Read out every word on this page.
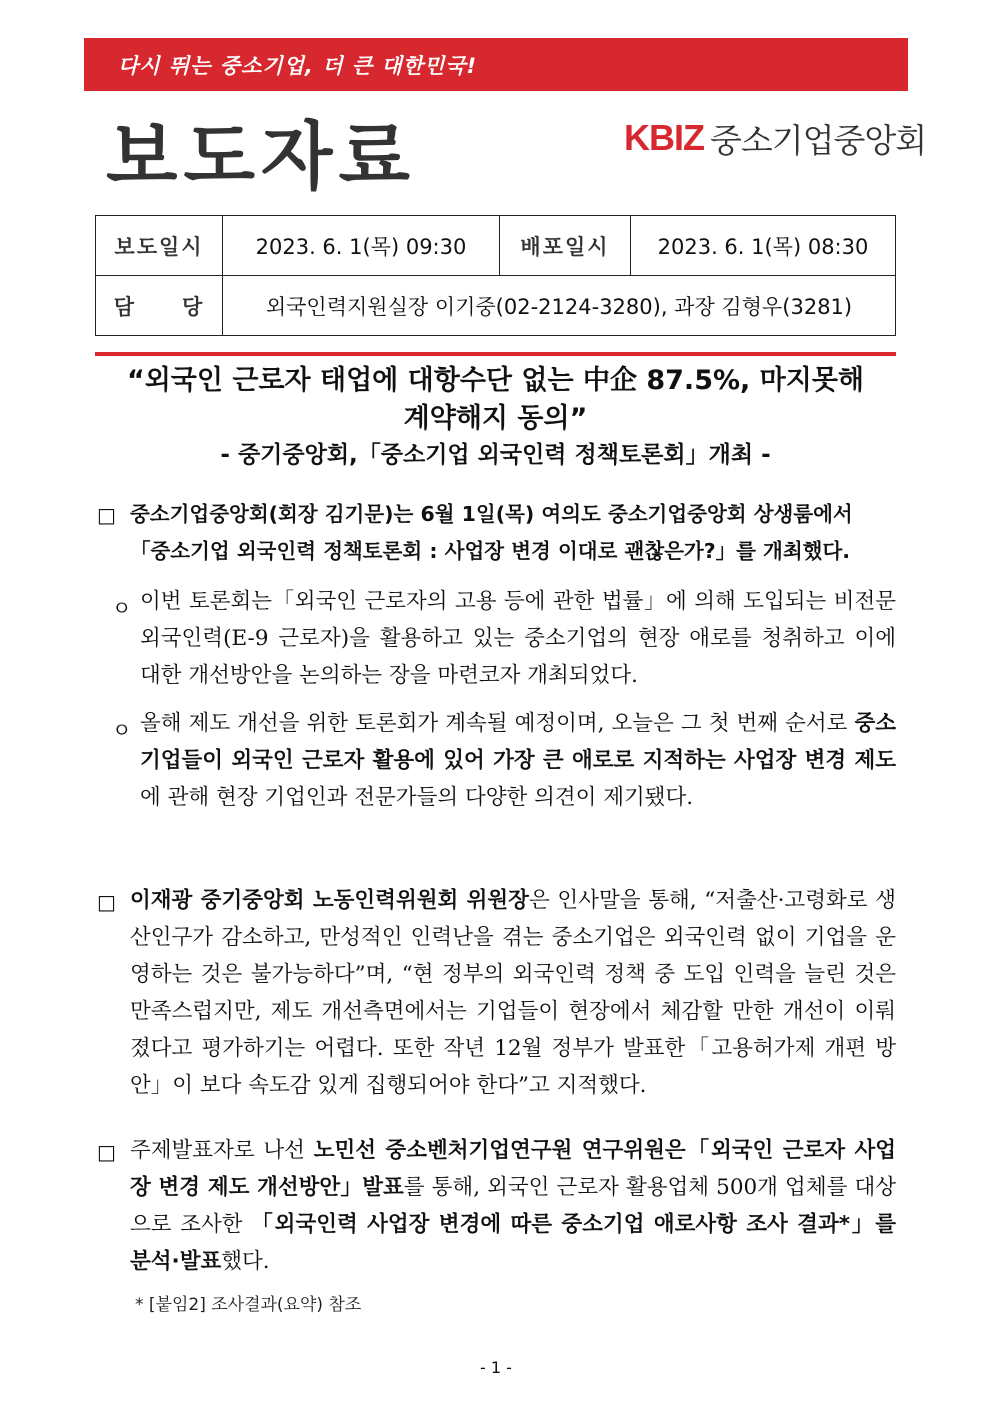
다시 뛰는 중소기업, 더 큰 대한민국!
보도자료	KBIZ 중소기업중앙회
보도일시	2023. 6. 1(목) 09:30	배포일시	2023. 6. 1(목) 08:30
담　　당	외국인력지원실장 이기중(02-2124-3280), 과장 김형우(3281)		
“외국인 근로자 태업에 대항수단 없는 中企 87.5%, 마지못해
계약해지 동의”
- 중기중앙회,「중소기업 외국인력 정책토론회」개최 -
□ 중소기업중앙회(회장 김기문)는 6월 1일(목) 여의도 중소기업중앙회 상생룸에서
「중소기업 외국인력 정책토론회 : 사업장 변경 이대로 괜찮은가?」를 개최했다.
ㅇ 이번 토론회는「외국인 근로자의 고용 등에 관한 법률」에 의해 도입되는 비전문 외국인력(E-9 근로자)을 활용하고 있는 중소기업의 현장 애로를 청취하고 이에 대한 개선방안을 논의하는 장을 마련코자 개최되었다.
ㅇ 올해 제도 개선을 위한 토론회가 계속될 예정이며, 오늘은 그 첫 번째 순서로 중소기업들이 외국인 근로자 활용에 있어 가장 큰 애로로 지적하는 사업장 변경 제도에 관해 현장 기업인과 전문가들의 다양한 의견이 제기됐다.
□ 이재광 중기중앙회 노동인력위원회 위원장은 인사말을 통해, “저출산·고령화로 생산인구가 감소하고, 만성적인 인력난을 겪는 중소기업은 외국인력 없이 기업을 운영하는 것은 불가능하다”며, “현 정부의 외국인력 정책 중 도입 인력을 늘린 것은 만족스럽지만, 제도 개선측면에서는 기업들이 현장에서 체감할 만한 개선이 이뤄졌다고 평가하기는 어렵다. 또한 작년 12월 정부가 발표한「고용허가제 개편 방안」이 보다 속도감 있게 집행되어야 한다”고 지적했다.
□ 주제발표자로 나선 노민선 중소벤처기업연구원 연구위원은「외국인 근로자 사업장 변경 제도 개선방안」발표를 통해, 외국인 근로자 활용업체 500개 업체를 대상으로 조사한 「외국인력 사업장 변경에 따른 중소기업 애로사항 조사 결과*」를 분석·발표했다.
* [붙임2] 조사결과(요약) 참조
- 1 -
